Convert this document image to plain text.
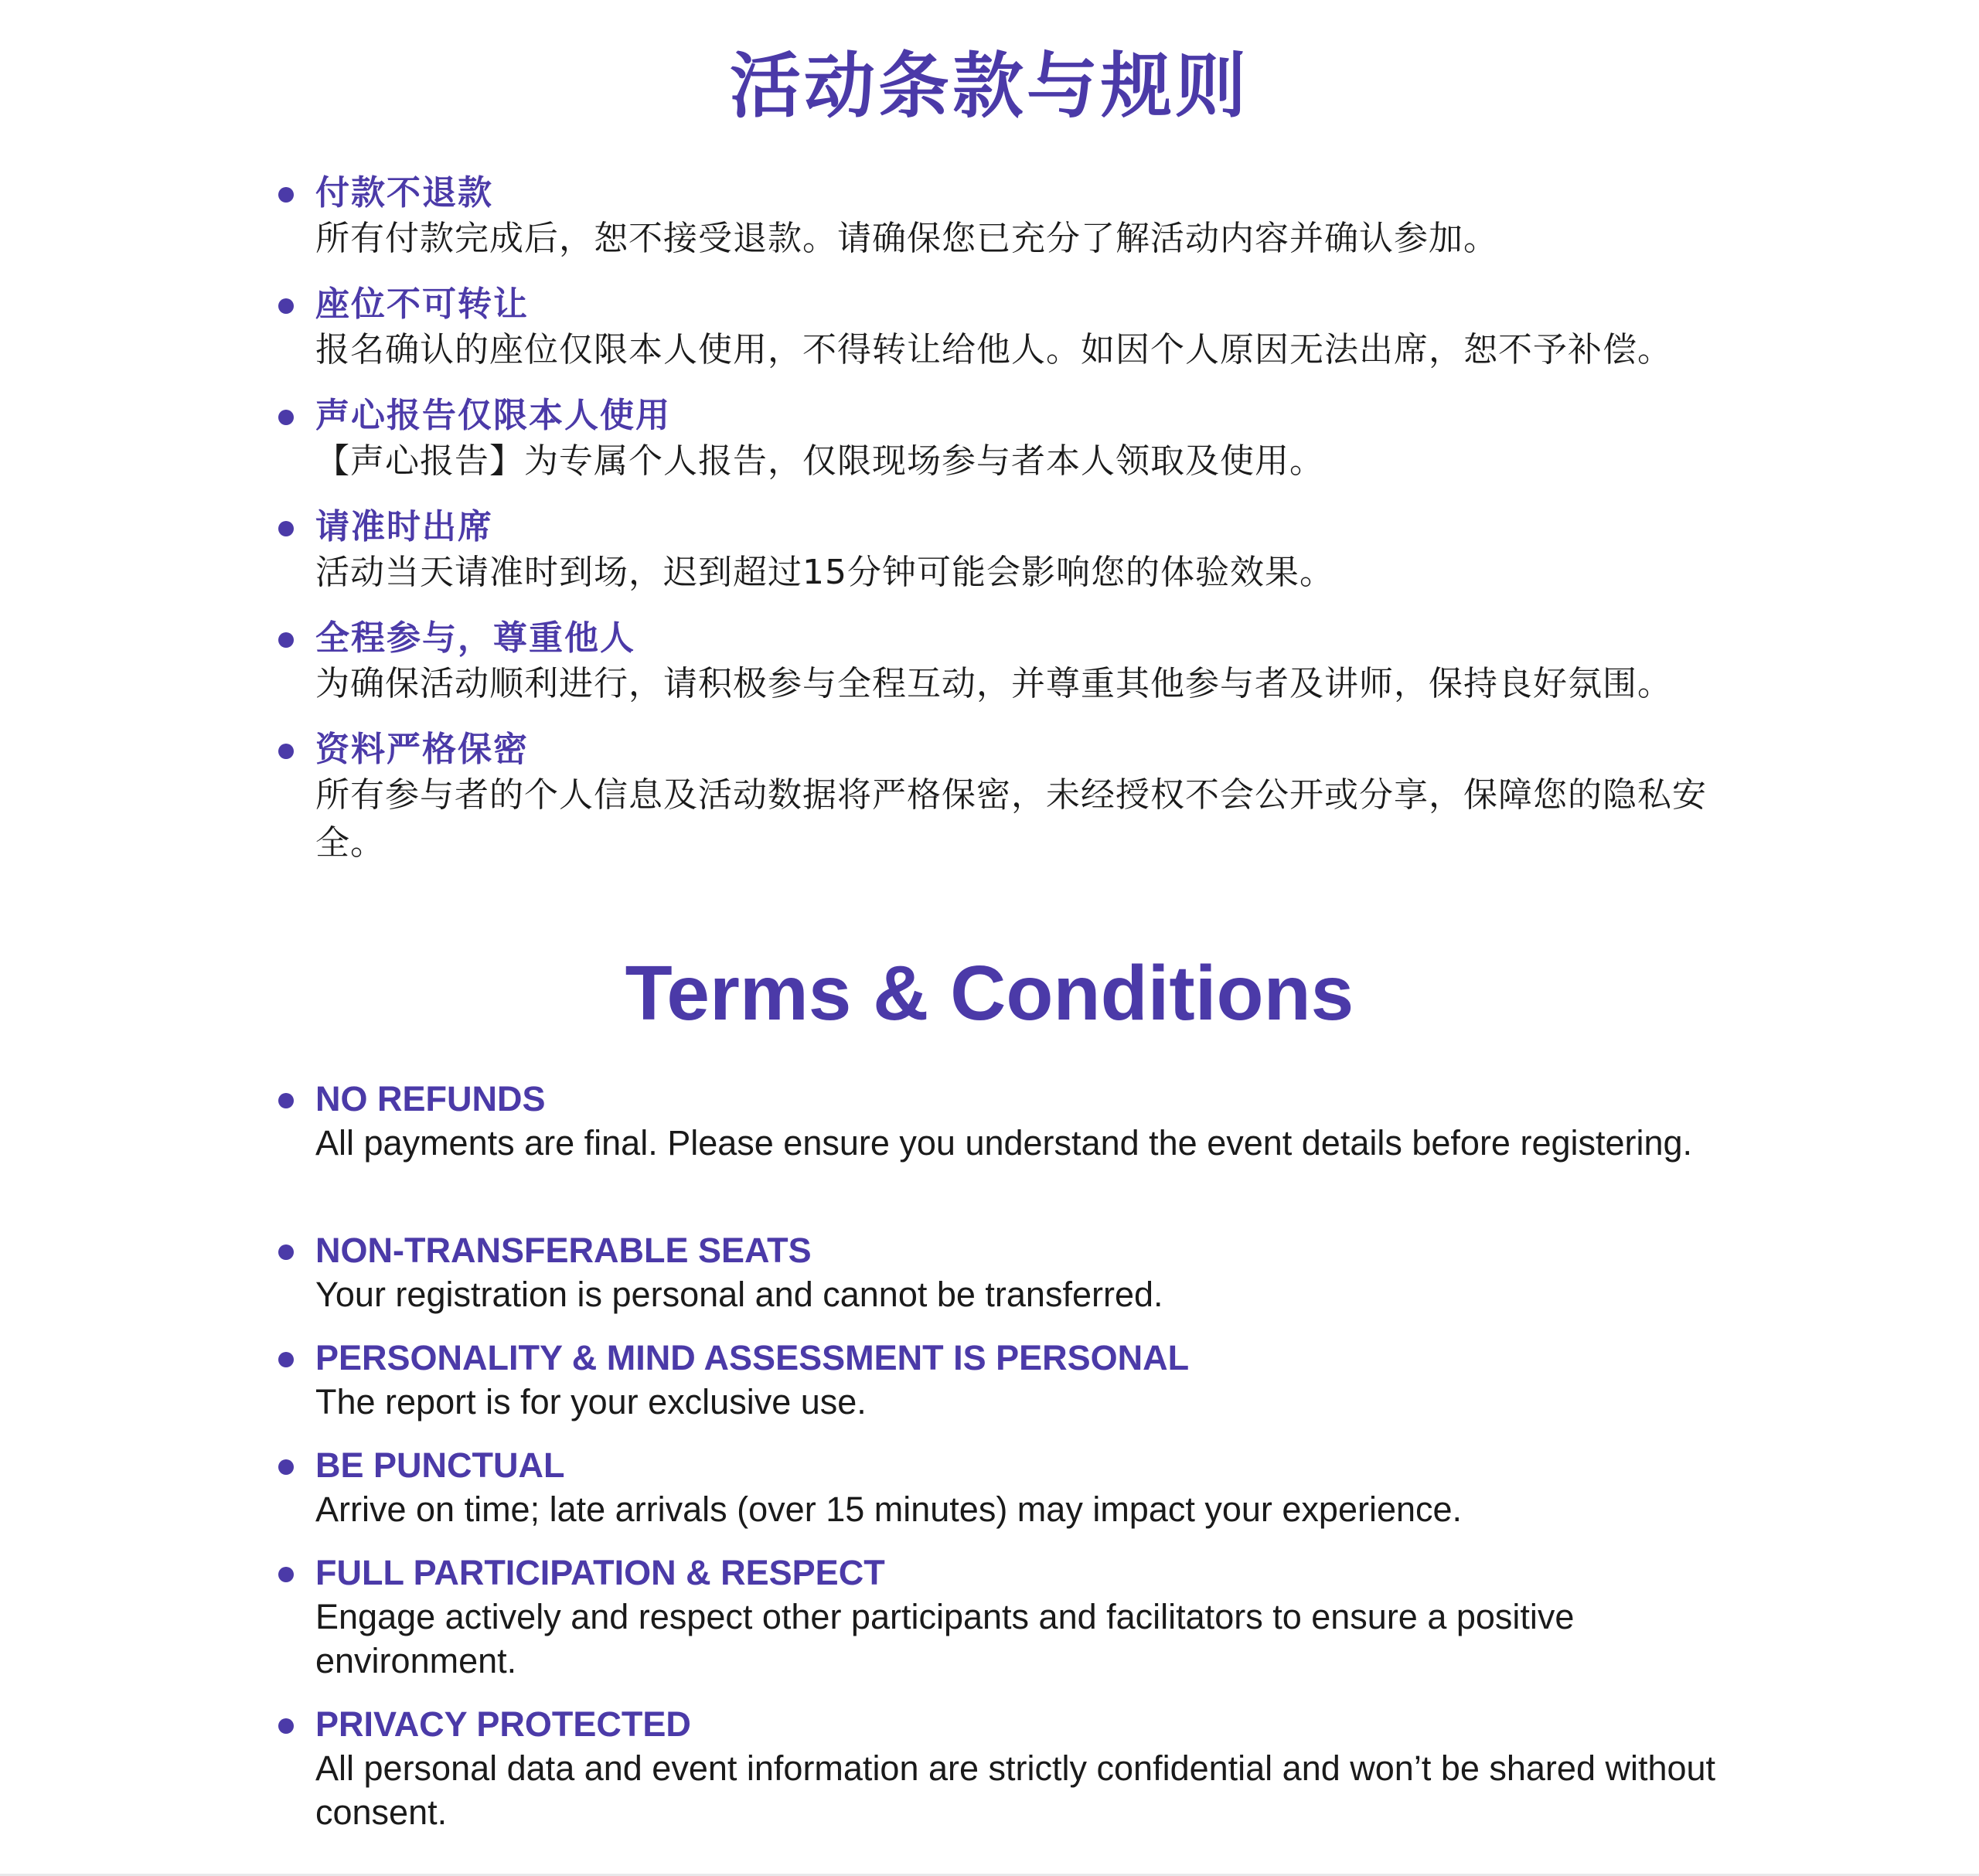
活动条款与规则
付款不退款
所有付款完成后，恕不接受退款。请确保您已充分了解活动内容并确认参加。
座位不可转让
报名确认的座位仅限本人使用，不得转让给他人。如因个人原因无法出席，恕不予补偿。
声心报告仅限本人使用
【声心报告】为专属个人报告，仅限现场参与者本人领取及使用。
请准时出席
活动当天请准时到场，迟到超过15分钟可能会影响您的体验效果。
全程参与，尊重他人
为确保活动顺利进行，请积极参与全程互动，并尊重其他参与者及讲师，保持良好氛围。
资料严格保密
所有参与者的个人信息及活动数据将严格保密，未经授权不会公开或分享，保障您的隐私安全。
Terms & Conditions
NO REFUNDS
All payments are final. Please ensure you understand the event details before registering.
NON-TRANSFERABLE SEATS
Your registration is personal and cannot be transferred.
PERSONALITY & MIND ASSESSMENT IS PERSONAL
The report is for your exclusive use.
BE PUNCTUAL
Arrive on time; late arrivals (over 15 minutes) may impact your experience.
FULL PARTICIPATION & RESPECT
Engage actively and respect other participants and facilitators to ensure a positive environment.
PRIVACY PROTECTED
All personal data and event information are strictly confidential and won’t be shared without consent.
